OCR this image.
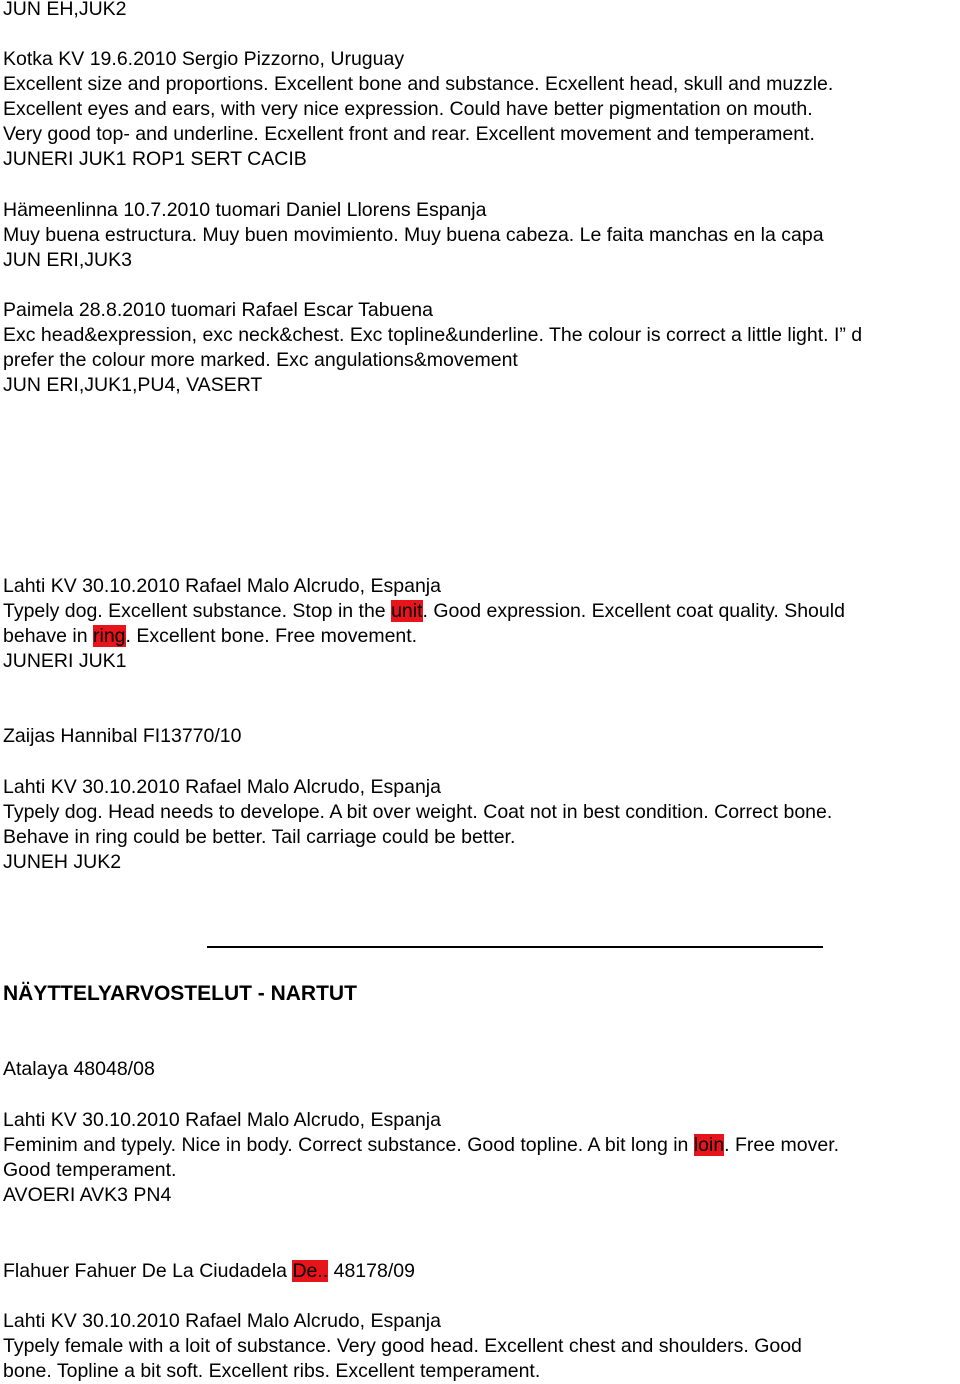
JUN EH,JUK2
Kotka KV 19.6.2010 Sergio Pizzorno, Uruguay
Excellent size and proportions. Excellent bone and substance. Ecxellent head, skull and muzzle.
Excellent eyes and ears, with very nice expression. Could have better pigmentation on mouth.
Very good top- and underline. Ecxellent front and rear. Excellent movement and temperament.
JUNERI JUK1 ROP1 SERT CACIB
Hämeenlinna 10.7.2010 tuomari Daniel Llorens Espanja
Muy buena estructura. Muy buen movimiento. Muy buena cabeza. Le faita manchas en la capa
JUN ERI,JUK3
Paimela 28.8.2010 tuomari Rafael Escar Tabuena
Exc head&expression, exc neck&chest. Exc topline&underline. The colour is correct a little light. I” d
prefer the colour more marked. Exc angulations&movement
JUN ERI,JUK1,PU4, VASERT
Lahti KV 30.10.2010 Rafael Malo Alcrudo, Espanja
Typely dog. Excellent substance. Stop in the unit. Good expression. Excellent coat quality. Should
behave in ring. Excellent bone. Free movement.
JUNERI JUK1
Zaijas Hannibal FI13770/10
Lahti KV 30.10.2010 Rafael Malo Alcrudo, Espanja
Typely dog. Head needs to develope. A bit over weight. Coat not in best condition. Correct bone.
Behave in ring could be better. Tail carriage could be better.
JUNEH JUK2
NÄYTTELYARVOSTELUT - NARTUT
Atalaya 48048/08
Lahti KV 30.10.2010 Rafael Malo Alcrudo, Espanja
Feminim and typely. Nice in body. Correct substance. Good topline. A bit long in loin. Free mover.
Good temperament.
AVOERI AVK3 PN4
Flahuer Fahuer De La Ciudadela De.. 48178/09
Lahti KV 30.10.2010 Rafael Malo Alcrudo, Espanja
Typely female with a loit of substance. Very good head. Excellent chest and shoulders. Good
bone. Topline a bit soft. Excellent ribs. Excellent temperament.
